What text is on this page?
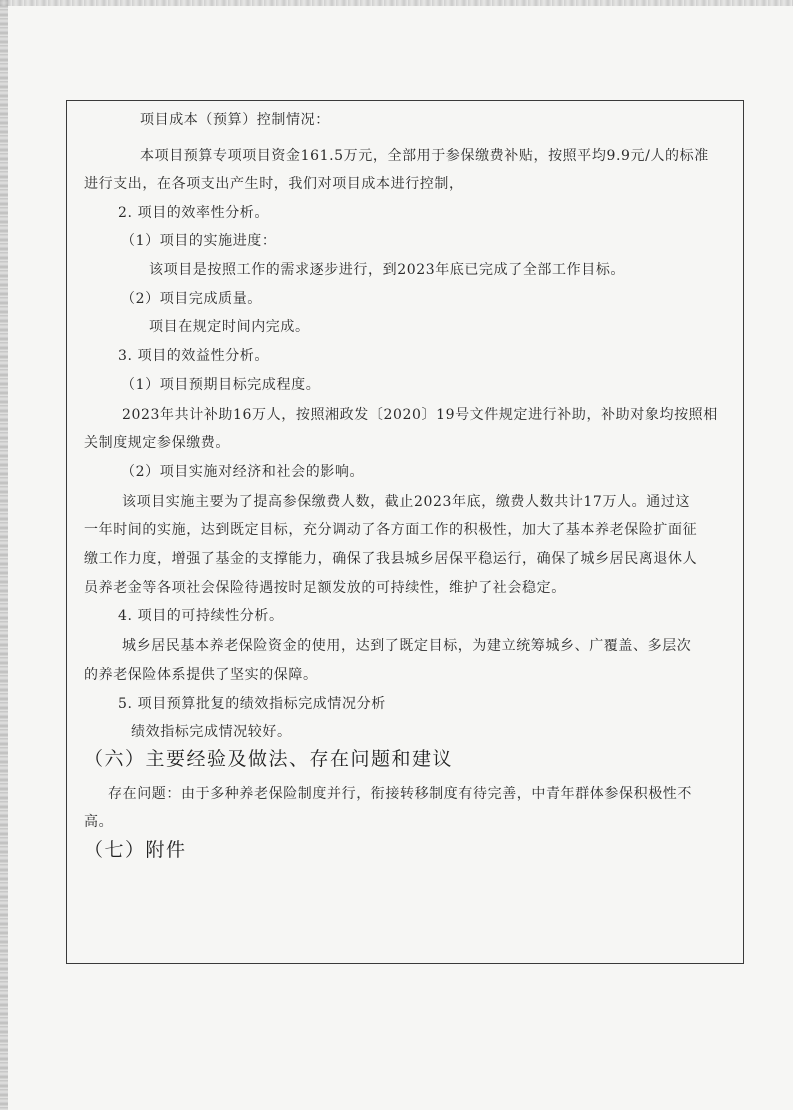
项目成本（预算）控制情况：
本项目预算专项项目资金161.5万元，全部用于参保缴费补贴，按照平均9.9元/人的标准
进行支出，在各项支出产生时，我们对项目成本进行控制，
2. 项目的效率性分析。
（1）项目的实施进度：
该项目是按照工作的需求逐步进行，到2023年底已完成了全部工作目标。
（2）项目完成质量。
项目在规定时间内完成。
3. 项目的效益性分析。
（1）项目预期目标完成程度。
2023年共计补助16万人，按照湘政发〔2020〕19号文件规定进行补助，补助对象均按照相
关制度规定参保缴费。
（2）项目实施对经济和社会的影响。
该项目实施主要为了提高参保缴费人数，截止2023年底，缴费人数共计17万人。通过这
一年时间的实施，达到既定目标，充分调动了各方面工作的积极性，加大了基本养老保险扩面征
缴工作力度，增强了基金的支撑能力，确保了我县城乡居保平稳运行，确保了城乡居民离退休人
员养老金等各项社会保险待遇按时足额发放的可持续性，维护了社会稳定。
4. 项目的可持续性分析。
城乡居民基本养老保险资金的使用，达到了既定目标，为建立统筹城乡、广覆盖、多层次
的养老保险体系提供了坚实的保障。
5. 项目预算批复的绩效指标完成情况分析
绩效指标完成情况较好。
（六）主要经验及做法、存在问题和建议
存在问题：由于多种养老保险制度并行，衔接转移制度有待完善，中青年群体参保积极性不
高。
（七）附件
